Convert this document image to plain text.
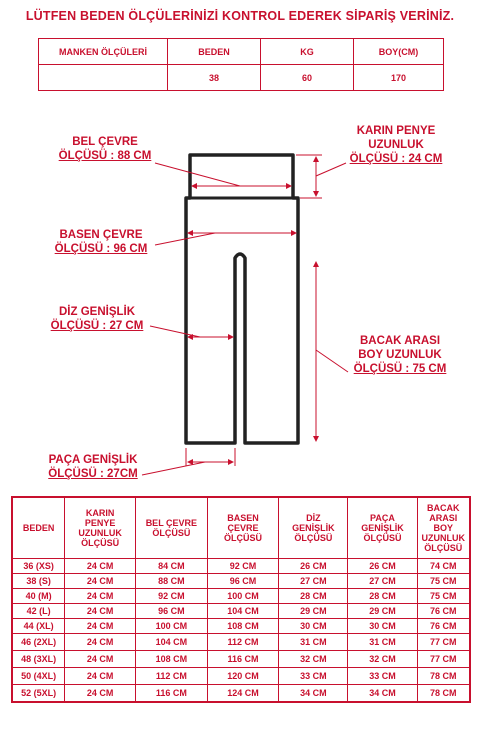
LÜTFEN BEDEN ÖLÇÜLERİNİZİ KONTROL EDEREK SİPARİŞ VERİNİZ.
MANKEN ÖLÇÜLERİ	BEDEN	KG	BOY(CM)
	38	60	170
BEL ÇEVRE
ÖLÇÜSÜ : 88 CM
KARIN PENYE
UZUNLUK
ÖLÇÜSÜ : 24 CM
BASEN ÇEVRE
ÖLÇÜSÜ : 96 CM
DİZ GENİŞLİK
ÖLÇÜSÜ : 27 CM
BACAK ARASI
BOY UZUNLUK
ÖLÇÜSÜ : 75 CM
PAÇA GENİŞLİK
ÖLÇÜSÜ : 27CM
BEDEN	KARIN PENYE UZUNLUK ÖLÇÜSÜ	BEL ÇEVRE ÖLÇÜSÜ	BASEN ÇEVRE ÖLÇÜSÜ	DİZ GENİŞLİK ÖLÇÜSÜ	PAÇA GENİŞLİK ÖLÇÜSÜ	BACAK ARASI BOY UZUNLUK ÖLÇÜSÜ
36 (XS)	24 CM	84 CM	92 CM	26 CM	26 CM	74 CM
38 (S)	24 CM	88 CM	96 CM	27 CM	27 CM	75 CM
40 (M)	24 CM	92 CM	100 CM	28 CM	28 CM	75 CM
42 (L)	24 CM	96 CM	104 CM	29 CM	29 CM	76 CM
44 (XL)	24 CM	100 CM	108 CM	30 CM	30 CM	76 CM
46 (2XL)	24 CM	104 CM	112 CM	31 CM	31 CM	77 CM
48 (3XL)	24 CM	108 CM	116 CM	32 CM	32 CM	77 CM
50 (4XL)	24 CM	112 CM	120 CM	33 CM	33 CM	78 CM
52 (5XL)	24 CM	116 CM	124 CM	34 CM	34 CM	78 CM
